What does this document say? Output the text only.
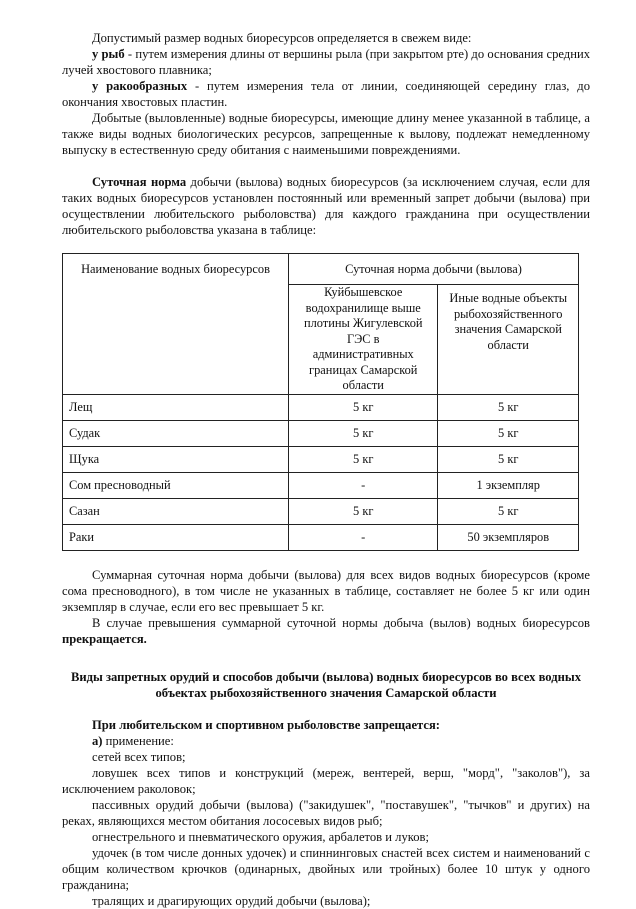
Допустимый размер водных биоресурсов определяется в свежем виде:

у рыб - путем измерения длины от вершины рыла (при закрытом рте) до основания средних лучей хвостового плавника;

у ракообразных - путем измерения тела от линии, соединяющей середину глаз, до окончания хвостовых пластин.

Добытые (выловленные) водные биоресурсы, имеющие длину менее указанной в таблице, а также виды водных биологических ресурсов, запрещенные к вылову, подлежат немедленному выпуску в естественную среду обитания с наименьшими повреждениями.

Суточная норма добычи (вылова) водных биоресурсов (за исключением случая, если для таких водных биоресурсов установлен постоянный или временный запрет добычи (вылова) при осуществлении любительского рыболовства) для каждого гражданина при осуществлении любительского рыболовства указана в таблице:

Наименование водных биоресурсов	Суточная норма добычи (вылова)	
	Куйбышевское водохранилище выше плотины Жигулевской ГЭС в административных границах Самарской области	Иные водные объекты рыбохозяйственного значения Самарской области
Лещ	5 кг	5 кг
Судак	5 кг	5 кг
Щука	5 кг	5 кг
Сом пресноводный	-	1 экземпляр
Сазан	5 кг	5 кг
Раки	-	50 экземпляров

Суммарная суточная норма добычи (вылова) для всех видов водных биоресурсов (кроме сома пресноводного), в том числе не указанных в таблице, составляет не более 5 кг или один экземпляр в случае, если его вес превышает 5 кг.

В случае превышения суммарной суточной нормы добыча (вылов) водных биоресурсов прекращается.

Виды запретных орудий и способов добычи (вылова) водных биоресурсов во всех водных объектах рыбохозяйственного значения Самарской области

При любительском и спортивном рыболовстве запрещается:

а) применение:

сетей всех типов;

ловушек всех типов и конструкций (мереж, вентерей, верш, "морд", "заколов"), за исключением раколовок;

пассивных орудий добычи (вылова) ("закидушек", "поставушек", "тычков" и других) на реках, являющихся местом обитания лососевых видов рыб;

огнестрельного и пневматического оружия, арбалетов и луков;

удочек (в том числе донных удочек) и спиннинговых снастей всех систем и наименований с общим количеством крючков (одинарных, двойных или тройных) более 10 штук у одного гражданина;

тралящих и драгирующих орудий добычи (вылова);
